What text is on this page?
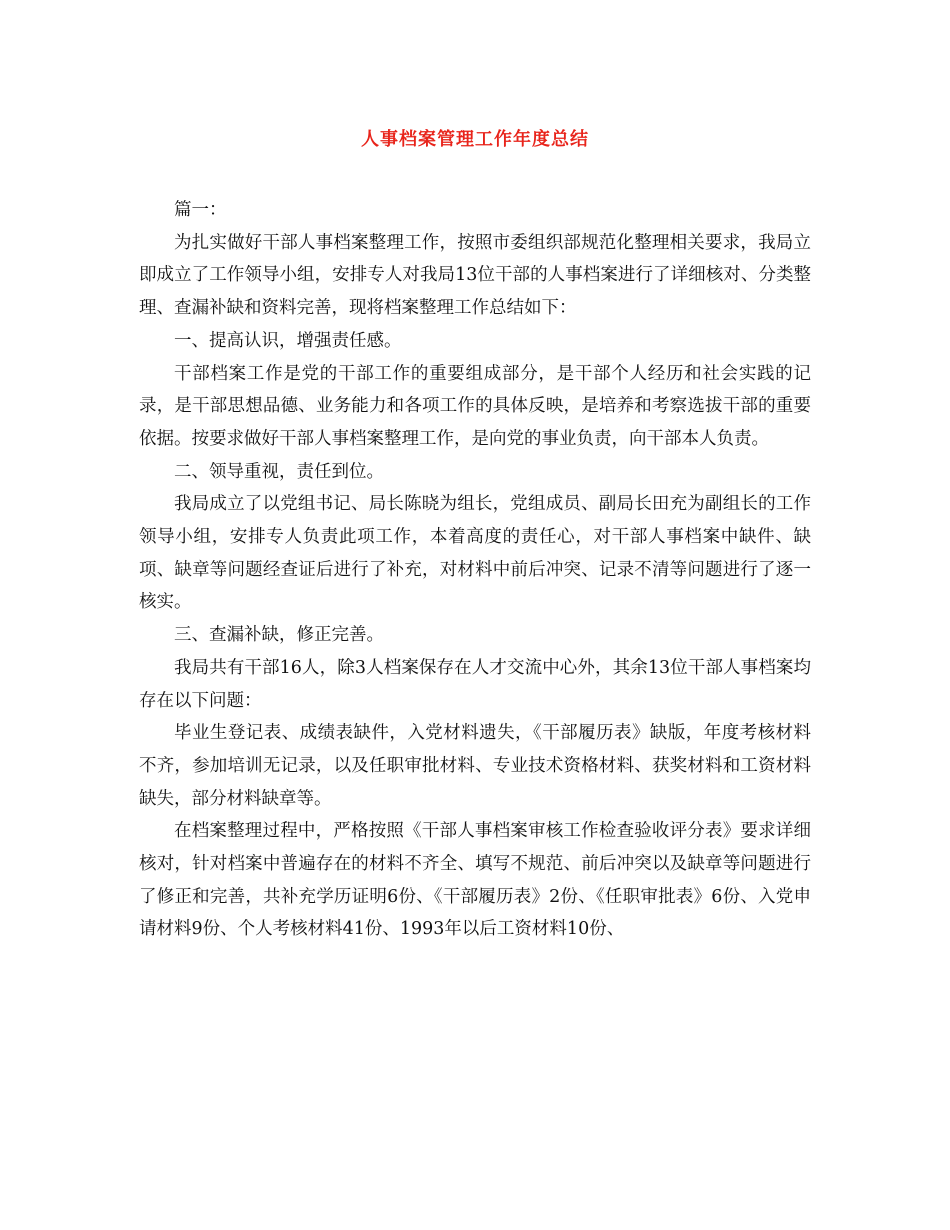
人事档案管理工作年度总结

篇一：

为扎实做好干部人事档案整理工作，按照市委组织部规范化整理相关要求，我局立即成立了工作领导小组，安排专人对我局13位干部的人事档案进行了详细核对、分类整理、查漏补缺和资料完善，现将档案整理工作总结如下：

一、提高认识，增强责任感。

干部档案工作是党的干部工作的重要组成部分，是干部个人经历和社会实践的记录，是干部思想品德、业务能力和各项工作的具体反映，是培养和考察选拔干部的重要依据。按要求做好干部人事档案整理工作，是向党的事业负责，向干部本人负责。

二、领导重视，责任到位。

我局成立了以党组书记、局长陈晓为组长，党组成员、副局长田充为副组长的工作领导小组，安排专人负责此项工作，本着高度的责任心，对干部人事档案中缺件、缺项、缺章等问题经查证后进行了补充，对材料中前后冲突、记录不清等问题进行了逐一核实。

三、查漏补缺，修正完善。

我局共有干部16人，除3人档案保存在人才交流中心外，其余13位干部人事档案均存在以下问题：

毕业生登记表、成绩表缺件，入党材料遗失，《干部履历表》缺版，年度考核材料不齐，参加培训无记录，以及任职审批材料、专业技术资格材料、获奖材料和工资材料缺失，部分材料缺章等。

在档案整理过程中，严格按照《干部人事档案审核工作检查验收评分表》要求详细核对，针对档案中普遍存在的材料不齐全、填写不规范、前后冲突以及缺章等问题进行了修正和完善，共补充学历证明6份、《干部履历表》2份、《任职审批表》6份、入党申请材料9份、个人考核材料41份、1993年以后工资材料10份、
